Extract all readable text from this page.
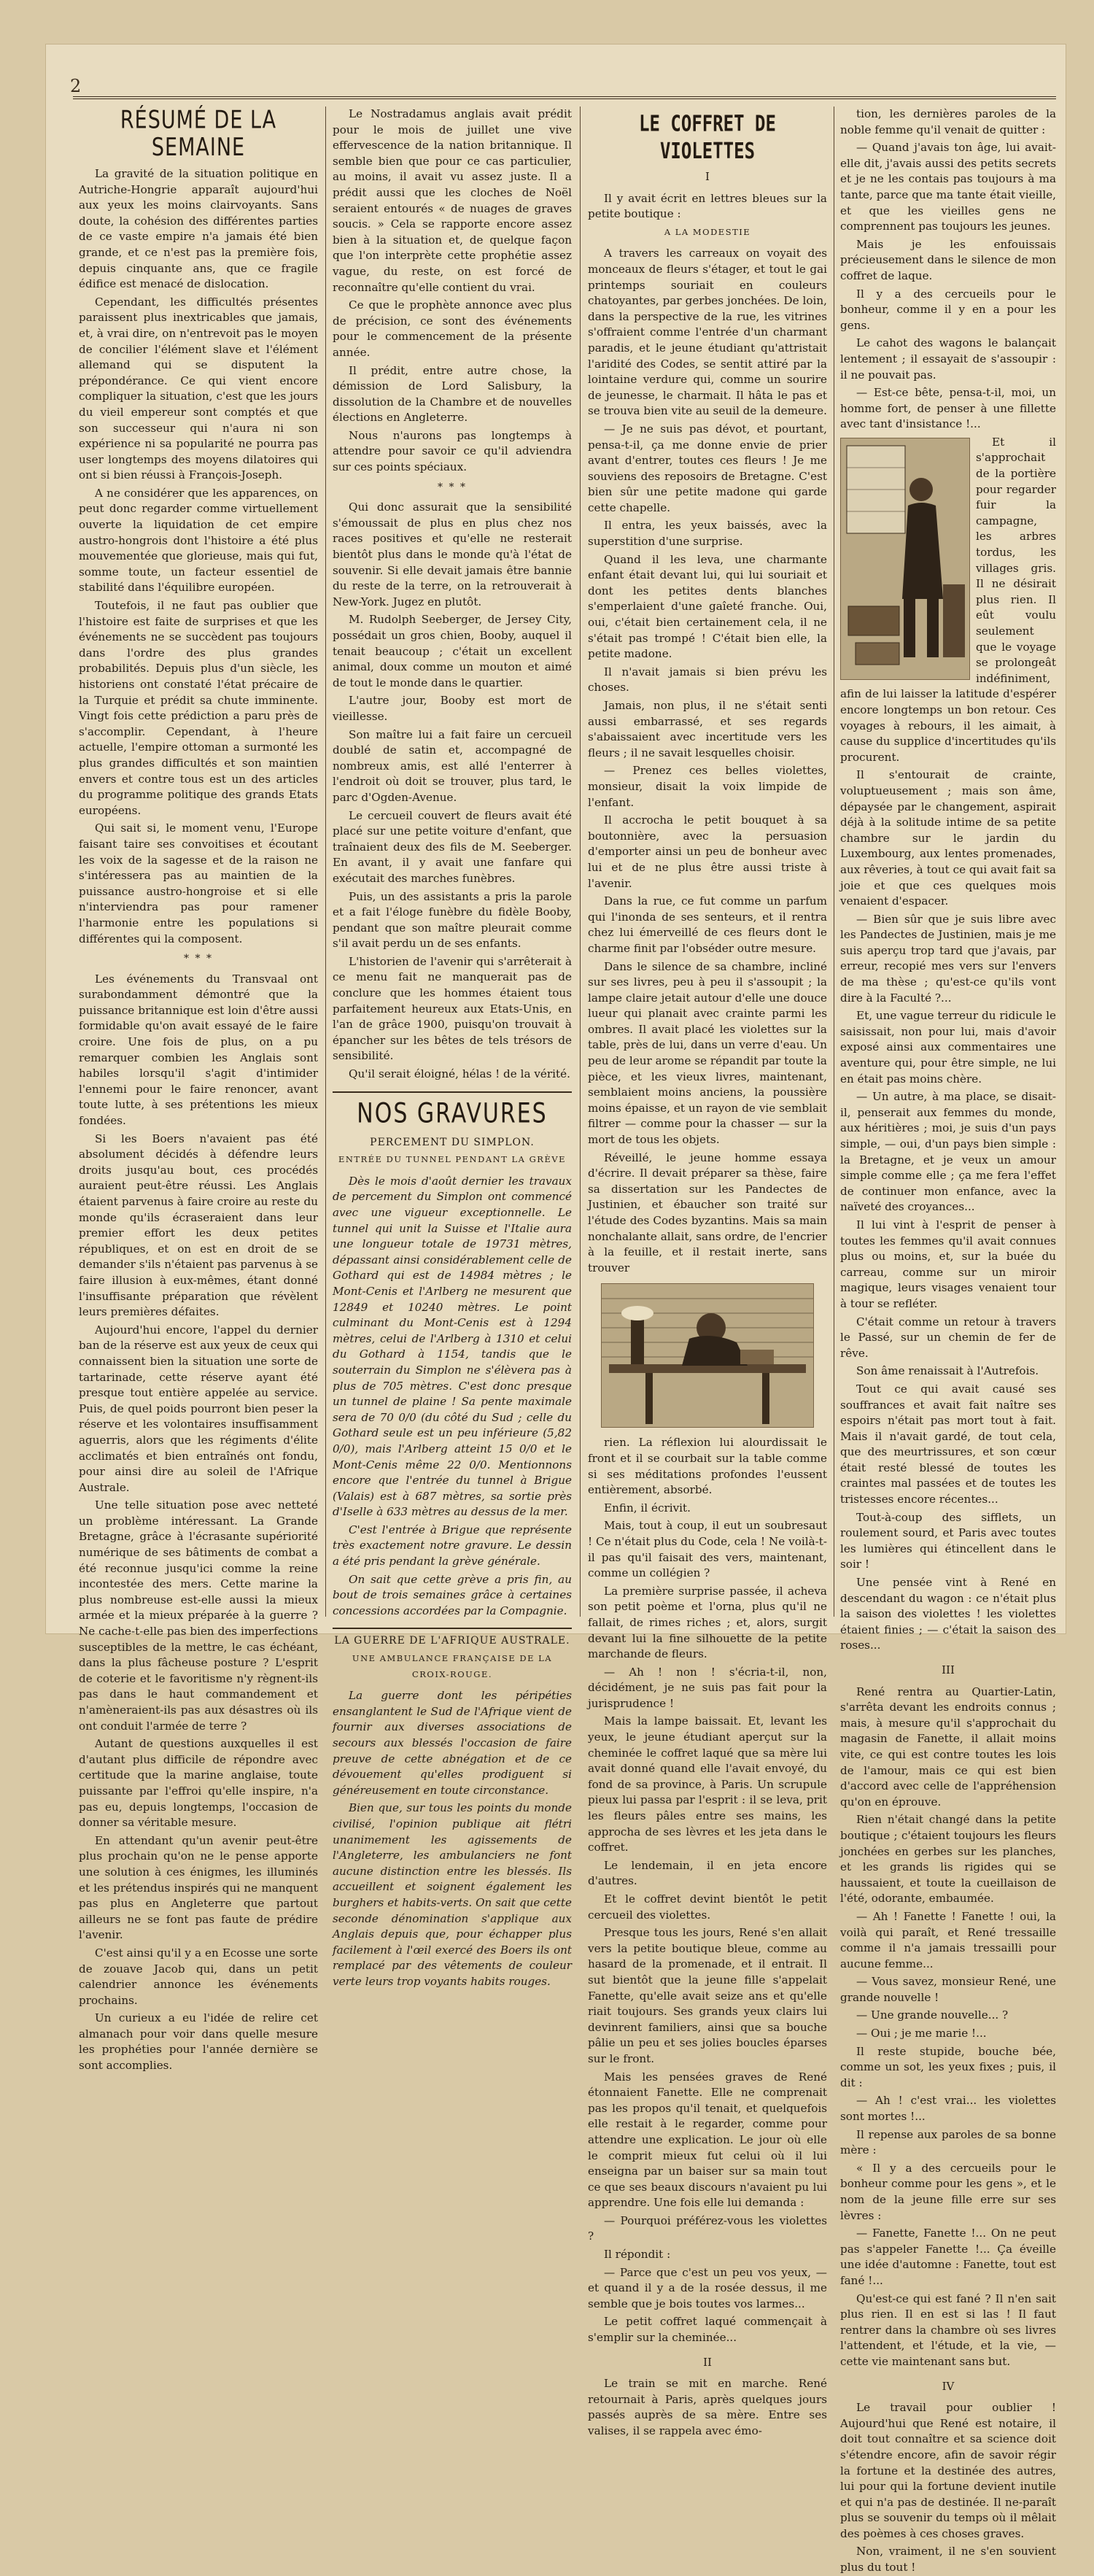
2
RÉSUMÉ DE LA SEMAINE

La gravité de la situation politique en Autriche-Hongrie apparaît aujourd'hui aux yeux les moins clairvoyants. Sans doute, la cohésion des différentes parties de ce vaste empire n'a jamais été bien grande, et ce n'est pas la première fois, depuis cinquante ans, que ce fragile édifice est menacé de dislocation.

Cependant, les difficultés présentes paraissent plus inextricables que jamais, et, à vrai dire, on n'entrevoit pas le moyen de concilier l'élément slave et l'élément allemand qui se disputent la prépondérance. Ce qui vient encore compliquer la situation, c'est que les jours du vieil empereur sont comptés et que son successeur qui n'aura ni son expérience ni sa popularité ne pourra pas user longtemps des moyens dilatoires qui ont si bien réussi à François-Joseph.

A ne considérer que les apparences, on peut donc regarder comme virtuellement ouverte la liquidation de cet empire austro-hongrois dont l'histoire a été plus mouvementée que glorieuse, mais qui fut, somme toute, un facteur essentiel de stabilité dans l'équilibre européen.

Toutefois, il ne faut pas oublier que l'histoire est faite de surprises et que les événements ne se succèdent pas toujours dans l'ordre des plus grandes probabilités. Depuis plus d'un siècle, les historiens ont constaté l'état précaire de la Turquie et prédit sa chute imminente. Vingt fois cette prédiction a paru près de s'accomplir. Cependant, à l'heure actuelle, l'empire ottoman a surmonté les plus grandes difficultés et son maintien envers et contre tous est un des articles du programme politique des grands Etats européens.

Qui sait si, le moment venu, l'Europe faisant taire ses convoitises et écoutant les voix de la sagesse et de la raison ne s'intéressera pas au maintien de la puissance austro-hongroise et si elle n'interviendra pas pour ramener l'harmonie entre les populations si différentes qui la composent.

* * *

Les événements du Transvaal ont surabondamment démontré que la puissance britannique est loin d'être aussi formidable qu'on avait essayé de le faire croire. Une fois de plus, on a pu remarquer combien les Anglais sont habiles lorsqu'il s'agit d'intimider l'ennemi pour le faire renoncer, avant toute lutte, à ses prétentions les mieux fondées.

Si les Boers n'avaient pas été absolument décidés à défendre leurs droits jusqu'au bout, ces procédés auraient peut-être réussi. Les Anglais étaient parvenus à faire croire au reste du monde qu'ils écraseraient dans leur premier effort les deux petites républiques, et on est en droit de se demander s'ils n'étaient pas parvenus à se faire illusion à eux-mêmes, étant donné l'insuffisante préparation que révèlent leurs premières défaites.

Aujourd'hui encore, l'appel du dernier ban de la réserve est aux yeux de ceux qui connaissent bien la situation une sorte de tartarinade, cette réserve ayant été presque tout entière appelée au service. Puis, de quel poids pourront bien peser la réserve et les volontaires insuffisamment aguerris, alors que les régiments d'élite acclimatés et bien entraînés ont fondu, pour ainsi dire au soleil de l'Afrique Australe.

Une telle situation pose avec netteté un problème intéressant. La Grande Bretagne, grâce à l'écrasante supériorité numérique de ses bâtiments de combat a été reconnue jusqu'ici comme la reine incontestée des mers. Cette marine la plus nombreuse est-elle aussi la mieux armée et la mieux préparée à la guerre ? Ne cache-t-elle pas bien des imperfections susceptibles de la mettre, le cas échéant, dans la plus fâcheuse posture ? L'esprit de coterie et le favoritisme n'y règnent-ils pas dans le haut commandement et n'amèneraient-ils pas aux désastres où ils ont conduit l'armée de terre ?

Autant de questions auxquelles il est d'autant plus difficile de répondre avec certitude que la marine anglaise, toute puissante par l'effroi qu'elle inspire, n'a pas eu, depuis longtemps, l'occasion de donner sa véritable mesure.

En attendant qu'un avenir peut-être plus prochain qu'on ne le pense apporte une solution à ces énigmes, les illuminés et les prétendus inspirés qui ne manquent pas plus en Angleterre que partout ailleurs ne se font pas faute de prédire l'avenir.

C'est ainsi qu'il y a en Ecosse une sorte de zouave Jacob qui, dans un petit calendrier annonce les événements prochains.

Un curieux a eu l'idée de relire cet almanach pour voir dans quelle mesure les prophéties pour l'année dernière se sont accomplies.

Le Nostradamus anglais avait prédit pour le mois de juillet une vive effervescence de la nation britannique. Il semble bien que pour ce cas particulier, au moins, il avait vu assez juste. Il a prédit aussi que les cloches de Noël seraient entourés « de nuages de graves soucis. » Cela se rapporte encore assez bien à la situation et, de quelque façon que l'on interprète cette prophétie assez vague, du reste, on est forcé de reconnaître qu'elle contient du vrai.

Ce que le prophète annonce avec plus de précision, ce sont des événements pour le commencement de la présente année.

Il prédit, entre autre chose, la démission de Lord Salisbury, la dissolution de la Chambre et de nouvelles élections en Angleterre.

Nous n'aurons pas longtemps à attendre pour savoir ce qu'il adviendra sur ces points spéciaux.

* * *

Qui donc assurait que la sensibilité s'émoussait de plus en plus chez nos races positives et qu'elle ne resterait bientôt plus dans le monde qu'à l'état de souvenir. Si elle devait jamais être bannie du reste de la terre, on la retrouverait à New-York. Jugez en plutôt.

M. Rudolph Seeberger, de Jersey City, possédait un gros chien, Booby, auquel il tenait beaucoup ; c'était un excellent animal, doux comme un mouton et aimé de tout le monde dans le quartier.

L'autre jour, Booby est mort de vieillesse.

Son maître lui a fait faire un cercueil doublé de satin et, accompagné de nombreux amis, est allé l'enterrer à l'endroit où doit se trouver, plus tard, le parc d'Ogden-Avenue.

Le cercueil couvert de fleurs avait été placé sur une petite voiture d'enfant, que traînaient deux des fils de M. Seeberger. En avant, il y avait une fanfare qui exécutait des marches funèbres.

Puis, un des assistants a pris la parole et a fait l'éloge funèbre du fidèle Booby, pendant que son maître pleurait comme s'il avait perdu un de ses enfants.

L'historien de l'avenir qui s'arrêterait à ce menu fait ne manquerait pas de conclure que les hommes étaient tous parfaitement heureux aux Etats-Unis, en l'an de grâce 1900, puisqu'on trouvait à épancher sur les bêtes de tels trésors de sensibilité.

Qu'il serait éloigné, hélas ! de la vérité.

NOS GRAVURES
PERCEMENT DU SIMPLON.
ENTRÉE DU TUNNEL PENDANT LA GRÈVE

Dès le mois d'août dernier les travaux de percement du Simplon ont commencé avec une vigueur exceptionnelle. Le tunnel qui unit la Suisse et l'Italie aura une longueur totale de 19731 mètres, dépassant ainsi considérablement celle de Gothard qui est de 14984 mètres ; le Mont-Cenis et l'Arlberg ne mesurent que 12849 et 10240 mètres. Le point culminant du Mont-Cenis est à 1294 mètres, celui de l'Arlberg à 1310 et celui du Gothard à 1154, tandis que le souterrain du Simplon ne s'élèvera pas à plus de 705 mètres. C'est donc presque un tunnel de plaine ! Sa pente maximale sera de 70 0/0 (du côté du Sud ; celle du Gothard seule est un peu inférieure (5,82 0/0), mais l'Arlberg atteint 15 0/0 et le Mont-Cenis même 22 0/0. Mentionnons encore que l'entrée du tunnel à Brigue (Valais) est à 687 mètres, sa sortie près d'Iselle à 633 mètres au dessus de la mer.

C'est l'entrée à Brigue que représente très exactement notre gravure. Le dessin a été pris pendant la grève générale.

On sait que cette grève a pris fin, au bout de trois semaines grâce à certaines concessions accordées par la Compagnie.

LA GUERRE DE L'AFRIQUE AUSTRALE.
UNE AMBULANCE FRANÇAISE DE LA CROIX-ROUGE.

La guerre dont les péripéties ensanglantent le Sud de l'Afrique vient de fournir aux diverses associations de secours aux blessés l'occasion de faire preuve de cette abnégation et de ce dévouement qu'elles prodiguent si généreusement en toute circonstance.

Bien que, sur tous les points du monde civilisé, l'opinion publique ait flétri unanimement les agissements de l'Angleterre, les ambulanciers ne font aucune distinction entre les blessés. Ils accueillent et soignent également les burghers et habits-verts. On sait que cette seconde dénomination s'applique aux Anglais depuis que, pour échapper plus facilement à l'œil exercé des Boers ils ont remplacé par des vêtements de couleur verte leurs trop voyants habits rouges.

LE COFFRET DE VIOLETTES
I

Il y avait écrit en lettres bleues sur la petite boutique :

A LA MODESTIE

A travers les carreaux on voyait des monceaux de fleurs s'étager, et tout le gai printemps souriait en couleurs chatoyantes, par gerbes jonchées. De loin, dans la perspective de la rue, les vitrines s'offraient comme l'entrée d'un charmant paradis, et le jeune étudiant qu'attristait l'aridité des Codes, se sentit attiré par la lointaine verdure qui, comme un sourire de jeunesse, le charmait. Il hâta le pas et se trouva bien vite au seuil de la demeure.

— Je ne suis pas dévot, et pourtant, pensa-t-il, ça me donne envie de prier avant d'entrer, toutes ces fleurs ! Je me souviens des reposoirs de Bretagne. C'est bien sûr une petite madone qui garde cette chapelle.

Il entra, les yeux baissés, avec la superstition d'une surprise.

Quand il les leva, une charmante enfant était devant lui, qui lui souriait et dont les petites dents blanches s'emperlaient d'une gaîeté franche. Oui, oui, c'était bien certainement cela, il ne s'était pas trompé ! C'était bien elle, la petite madone.

Il n'avait jamais si bien prévu les choses.

Jamais, non plus, il ne s'était senti aussi embarrassé, et ses regards s'abaissaient avec incertitude vers les fleurs ; il ne savait lesquelles choisir.

— Prenez ces belles violettes, monsieur, disait la voix limpide de l'enfant.

Il accrocha le petit bouquet à sa boutonnière, avec la persuasion d'emporter ainsi un peu de bonheur avec lui et de ne plus être aussi triste à l'avenir.

Dans la rue, ce fut comme un parfum qui l'inonda de ses senteurs, et il rentra chez lui émerveillé de ces fleurs dont le charme finit par l'obséder outre mesure.

Dans le silence de sa chambre, incliné sur ses livres, peu à peu il s'assoupit ; la lampe claire jetait autour d'elle une douce lueur qui planait avec crainte parmi les ombres. Il avait placé les violettes sur la table, près de lui, dans un verre d'eau. Un peu de leur arome se répandit par toute la pièce, et les vieux livres, maintenant, semblaient moins anciens, la poussière moins épaisse, et un rayon de vie semblait filtrer — comme pour la chasser — sur la mort de tous les objets.

Réveillé, le jeune homme essaya d'écrire. Il devait préparer sa thèse, faire sa dissertation sur les Pandectes de Justinien, et ébaucher son traité sur l'étude des Codes byzantins. Mais sa main nonchalante allait, sans ordre, de l'encrier à la feuille, et il restait inerte, sans trouver

rien. La réflexion lui alourdissait le front et il se courbait sur la table comme si ses méditations profondes l'eussent entièrement, absorbé.

Enfin, il écrivit.

Mais, tout à coup, il eut un soubresaut ! Ce n'était plus du Code, cela ! Ne voilà-t-il pas qu'il faisait des vers, maintenant, comme un collégien ?

La première surprise passée, il acheva son petit poème et l'orna, plus qu'il ne fallait, de rimes riches ; et, alors, surgit devant lui la fine silhouette de la petite marchande de fleurs.

— Ah ! non ! s'écria-t-il, non, décidément, je ne suis pas fait pour la jurisprudence !

Mais la lampe baissait. Et, levant les yeux, le jeune étudiant aperçut sur la cheminée le coffret laqué que sa mère lui avait donné quand elle l'avait envoyé, du fond de sa province, à Paris. Un scrupule pieux lui passa par l'esprit : il se leva, prit les fleurs pâles entre ses mains, les approcha de ses lèvres et les jeta dans le coffret.

Le lendemain, il en jeta encore d'autres.

Et le coffret devint bientôt le petit cercueil des violettes.

Presque tous les jours, René s'en allait vers la petite boutique bleue, comme au hasard de la promenade, et il entrait. Il sut bientôt que la jeune fille s'appelait Fanette, qu'elle avait seize ans et qu'elle riait toujours. Ses grands yeux clairs lui devinrent familiers, ainsi que sa bouche pâlie un peu et ses jolies boucles éparses sur le front.

Mais les pensées graves de René étonnaient Fanette. Elle ne comprenait pas les propos qu'il tenait, et quelquefois elle restait à le regarder, comme pour attendre une explication. Le jour où elle le comprit mieux fut celui où il lui enseigna par un baiser sur sa main tout ce que ses beaux discours n'avaient pu lui apprendre. Une fois elle lui demanda :

— Pourquoi préférez-vous les violettes ?

Il répondit :

— Parce que c'est un peu vos yeux, — et quand il y a de la rosée dessus, il me semble que je bois toutes vos larmes...

Le petit coffret laqué commençait à s'emplir sur la cheminée...

II

Le train se mit en marche. René retournait à Paris, après quelques jours passés auprès de sa mère. Entre ses valises, il se rappela avec émo-

tion, les dernières paroles de la noble femme qu'il venait de quitter :

— Quand j'avais ton âge, lui avait-elle dit, j'avais aussi des petits secrets et je ne les contais pas toujours à ma tante, parce que ma tante était vieille, et que les vieilles gens ne comprennent pas toujours les jeunes.

Mais je les enfouissais précieusement dans le silence de mon coffret de laque.

Il y a des cercueils pour le bonheur, comme il y en a pour les gens.

Le cahot des wagons le balançait lentement ; il essayait de s'assoupir : il ne pouvait pas.

— Est-ce bête, pensa-t-il, moi, un homme fort, de penser à une fillette avec tant d'insistance !...

Et il s'approchait de la portière pour regarder fuir la campagne, les arbres tordus, les villages gris. Il ne désirait plus rien. Il eût voulu seulement que le voyage se prolongeât indéfiniment, afin de lui laisser la latitude d'espérer encore longtemps un bon retour. Ces voyages à rebours, il les aimait, à cause du supplice d'incertitudes qu'ils procurent.

Il s'entourait de crainte, voluptueusement ; mais son âme, dépaysée par le changement, aspirait déjà à la solitude intime de sa petite chambre sur le jardin du Luxembourg, aux lentes promenades, aux rêveries, à tout ce qui avait fait sa joie et que ces quelques mois venaient d'espacer.

— Bien sûr que je suis libre avec les Pandectes de Justinien, mais je me suis aperçu trop tard que j'avais, par erreur, recopié mes vers sur l'envers de ma thèse ; qu'est-ce qu'ils vont dire à la Faculté ?...

Et, une vague terreur du ridicule le saisissait, non pour lui, mais d'avoir exposé ainsi aux commentaires une aventure qui, pour être simple, ne lui en était pas moins chère.

— Un autre, à ma place, se disait-il, penserait aux femmes du monde, aux héritières ; moi, je suis d'un pays simple, — oui, d'un pays bien simple : la Bretagne, et je veux un amour simple comme elle ; ça me fera l'effet de continuer mon enfance, avec la naïveté des croyances...

Il lui vint à l'esprit de penser à toutes les femmes qu'il avait connues plus ou moins, et, sur la buée du carreau, comme sur un miroir magique, leurs visages venaient tour à tour se refléter.

C'était comme un retour à travers le Passé, sur un chemin de fer de rêve.

Son âme renaissait à l'Autrefois.

Tout ce qui avait causé ses souffrances et avait fait naître ses espoirs n'était pas mort tout à fait. Mais il n'avait gardé, de tout cela, que des meurtrissures, et son cœur était resté blessé de toutes les craintes mal passées et de toutes les tristesses encore récentes...

Tout-à-coup des sifflets, un roulement sourd, et Paris avec toutes les lumières qui étincellent dans le soir !

Une pensée vint à René en descendant du wagon : ce n'était plus la saison des violettes ! les violettes étaient finies ; — c'était la saison des roses...

III

René rentra au Quartier-Latin, s'arrêta devant les endroits connus ; mais, à mesure qu'il s'approchait du magasin de Fanette, il allait moins vite, ce qui est contre toutes les lois de l'amour, mais ce qui est bien d'accord avec celle de l'appréhension qu'on en éprouve.

Rien n'était changé dans la petite boutique ; c'étaient toujours les fleurs jonchées en gerbes sur les planches, et les grands lis rigides qui se haussaient, et toute la cueillaison de l'été, odorante, embaumée.

— Ah ! Fanette ! Fanette ! oui, la voilà qui paraît, et René tressaille comme il n'a jamais tressailli pour aucune femme...

— Vous savez, monsieur René, une grande nouvelle !

— Une grande nouvelle... ?

— Oui ; je me marie !...

Il reste stupide, bouche bée, comme un sot, les yeux fixes ; puis, il dit :

— Ah ! c'est vrai... les violettes sont mortes !...

Il repense aux paroles de sa bonne mère :

« Il y a des cercueils pour le bonheur comme pour les gens », et le nom de la jeune fille erre sur ses lèvres :

— Fanette, Fanette !... On ne peut pas s'appeler Fanette !... Ça éveille une idée d'automne : Fanette, tout est fané !...

Qu'est-ce qui est fané ? Il n'en sait plus rien. Il en est si las ! Il faut rentrer dans la chambre où ses livres l'attendent, et l'étude, et la vie, — cette vie maintenant sans but.

IV

Le travail pour oublier ! Aujourd'hui que René est notaire, il doit tout connaître et sa science doit s'étendre encore, afin de savoir régir la fortune et la destinée des autres, lui pour qui la fortune devient inutile et qui n'a pas de destinée. Il ne-paraît plus se souvenir du temps où il mêlait des poèmes à ces choses graves.

Non, vraiment, il ne s'en souvient plus du tout !
